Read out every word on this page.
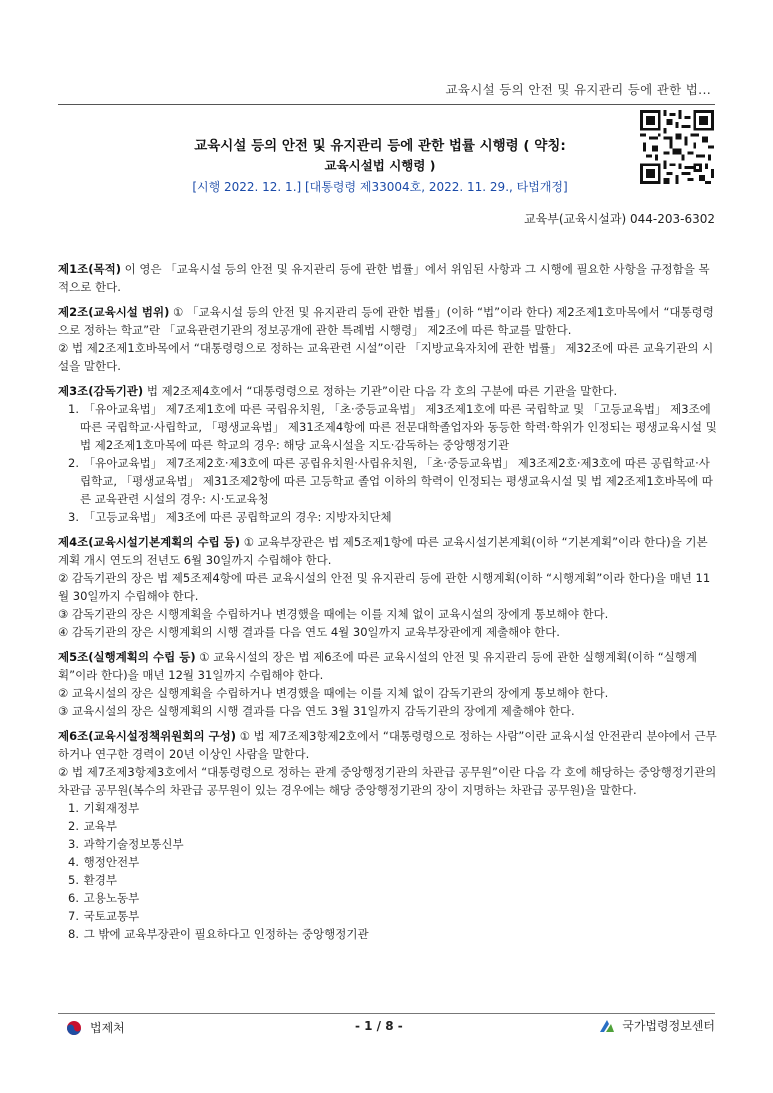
교육시설 등의 안전 및 유지관리 등에 관한 법...
교육시설 등의 안전 및 유지관리 등에 관한 법률 시행령 ( 약칭:
교육시설법 시행령 )
[시행 2022. 12. 1.] [대통령령 제33004호, 2022. 11. 29., 타법개정]
교육부(교육시설과) 044-203-6302

제1조(목적) 이 영은 「교육시설 등의 안전 및 유지관리 등에 관한 법률」에서 위임된 사항과 그 시행에 필요한 사항을 규정함을 목적으로 한다.

제2조(교육시설 범위) ① 「교육시설 등의 안전 및 유지관리 등에 관한 법률」(이하 “법”이라 한다) 제2조제1호마목에서 “대통령령으로 정하는 학교”란 「교육관련기관의 정보공개에 관한 특례법 시행령」 제2조에 따른 학교를 말한다.

② 법 제2조제1호바목에서 “대통령령으로 정하는 교육관련 시설”이란 「지방교육자치에 관한 법률」 제32조에 따른 교육기관의 시설을 말한다.

제3조(감독기관) 법 제2조제4호에서 “대통령령으로 정하는 기관”이란 다음 각 호의 구분에 따른 기관을 말한다.

1. 「유아교육법」 제7조제1호에 따른 국립유치원, 「초·중등교육법」 제3조제1호에 따른 국립학교 및 「고등교육법」 제3조에 따른 국립학교·사립학교, 「평생교육법」 제31조제4항에 따른 전문대학졸업자와 동등한 학력·학위가 인정되는 평생교육시설 및 법 제2조제1호마목에 따른 학교의 경우: 해당 교육시설을 지도·감독하는 중앙행정기관
2. 「유아교육법」 제7조제2호·제3호에 따른 공립유치원·사립유치원, 「초·중등교육법」 제3조제2호·제3호에 따른 공립학교·사립학교, 「평생교육법」 제31조제2항에 따른 고등학교 졸업 이하의 학력이 인정되는 평생교육시설 및 법 제2조제1호바목에 따른 교육관련 시설의 경우: 시·도교육청
3. 「고등교육법」 제3조에 따른 공립학교의 경우: 지방자치단체

제4조(교육시설기본계획의 수립 등) ① 교육부장관은 법 제5조제1항에 따른 교육시설기본계획(이하 “기본계획”이라 한다)을 기본계획 개시 연도의 전년도 6월 30일까지 수립해야 한다.

② 감독기관의 장은 법 제5조제4항에 따른 교육시설의 안전 및 유지관리 등에 관한 시행계획(이하 “시행계획”이라 한다)을 매년 11월 30일까지 수립해야 한다.

③ 감독기관의 장은 시행계획을 수립하거나 변경했을 때에는 이를 지체 없이 교육시설의 장에게 통보해야 한다.

④ 감독기관의 장은 시행계획의 시행 결과를 다음 연도 4월 30일까지 교육부장관에게 제출해야 한다.

제5조(실행계획의 수립 등) ① 교육시설의 장은 법 제6조에 따른 교육시설의 안전 및 유지관리 등에 관한 실행계획(이하 “실행계획”이라 한다)을 매년 12월 31일까지 수립해야 한다.

② 교육시설의 장은 실행계획을 수립하거나 변경했을 때에는 이를 지체 없이 감독기관의 장에게 통보해야 한다.

③ 교육시설의 장은 실행계획의 시행 결과를 다음 연도 3월 31일까지 감독기관의 장에게 제출해야 한다.

제6조(교육시설정책위원회의 구성) ① 법 제7조제3항제2호에서 “대통령령으로 정하는 사람”이란 교육시설 안전관리 분야에서 근무하거나 연구한 경력이 20년 이상인 사람을 말한다.

② 법 제7조제3항제3호에서 “대통령령으로 정하는 관계 중앙행정기관의 차관급 공무원”이란 다음 각 호에 해당하는 중앙행정기관의 차관급 공무원(복수의 차관급 공무원이 있는 경우에는 해당 중앙행정기관의 장이 지명하는 차관급 공무원)을 말한다.

1. 기획재정부
2. 교육부
3. 과학기술정보통신부
4. 행정안전부
5. 환경부
6. 고용노동부
7. 국토교통부
8. 그 밖에 교육부장관이 필요하다고 인정하는 중앙행정기관
법제처	- 1 / 8 -	국가법령정보센터
